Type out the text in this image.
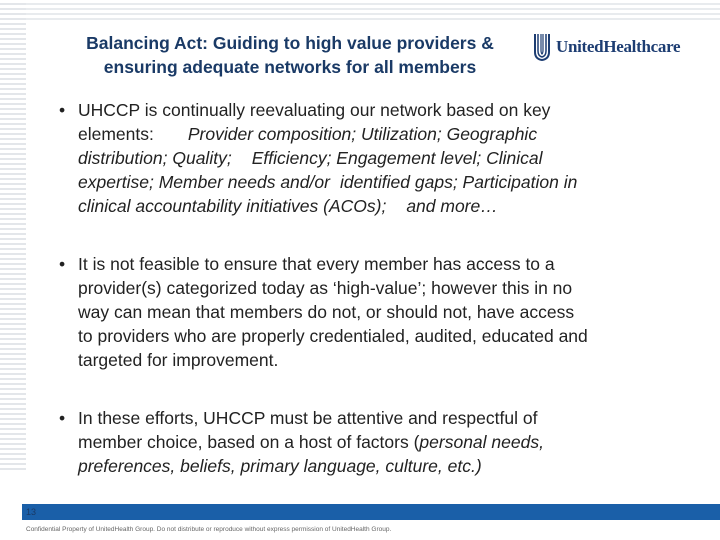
Balancing Act: Guiding to high value providers &
ensuring adequate networks for all members
UnitedHealthcare
• UHCCP is continually reevaluating our network based on key
elements: Provider composition; Utilization; Geographic
distribution; Quality; Efficiency; Engagement level; Clinical
expertise; Member needs and/or identified gaps; Participation in
clinical accountability initiatives (ACOs); and more…
• It is not feasible to ensure that every member has access to a
provider(s) categorized today as ‘high-value’; however this in no
way can mean that members do not, or should not, have access
to providers who are properly credentialed, audited, educated and
targeted for improvement.
• In these efforts, UHCCP must be attentive and respectful of
member choice, based on a host of factors (personal needs,
preferences, beliefs, primary language, culture, etc.)
13
Confidential Property of UnitedHealth Group. Do not distribute or reproduce without express permission of UnitedHealth Group.
